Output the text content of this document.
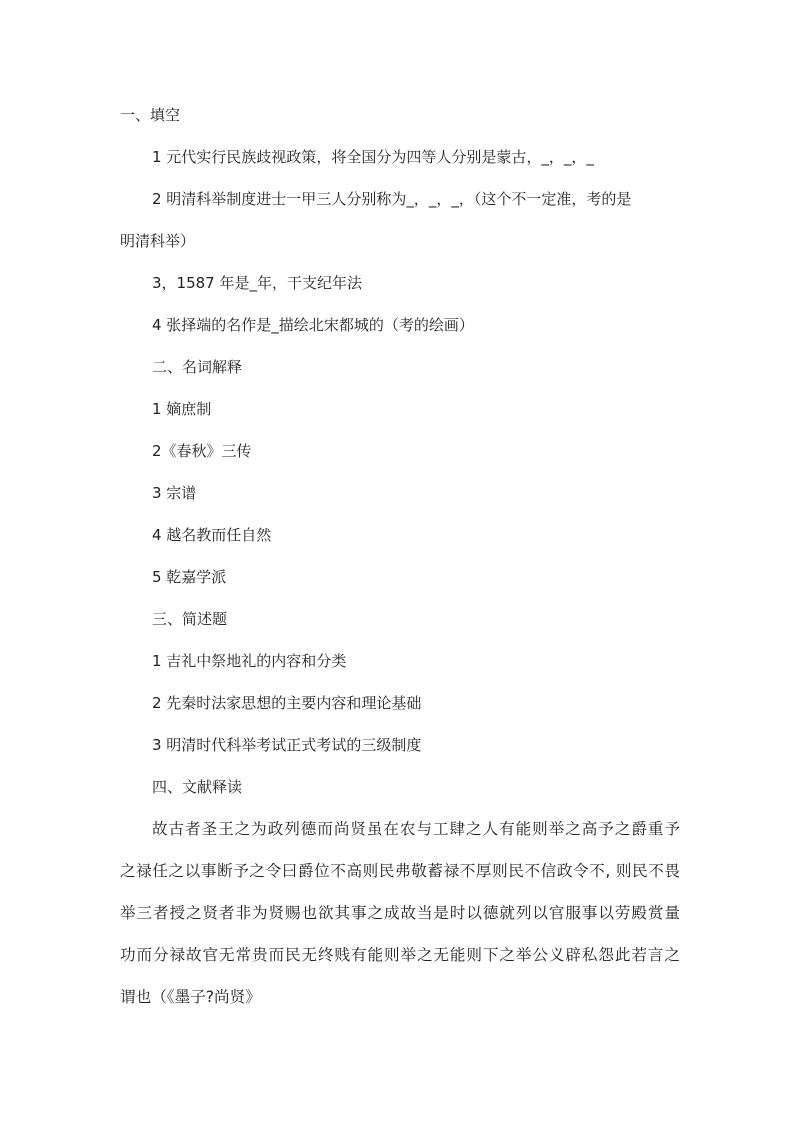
一、填空
1 元代实行民族歧视政策，将全国分为四等人分别是蒙古，_，_，_
2 明清科举制度进士一甲三人分别称为_，_，_，（这个不一定准，考的是
明清科举）
3，1587 年是_年，干支纪年法
4 张择端的名作是_描绘北宋都城的（考的绘画）
二、名词解释
1 嫡庶制
2《春秋》三传
3 宗谱
4 越名教而任自然
5 乾嘉学派
三、简述题
1 吉礼中祭地礼的内容和分类
2 先秦时法家思想的主要内容和理论基础
3 明清时代科举考试正式考试的三级制度
四、文献释读
故古者圣王之为政列德而尚贤虽在农与工肆之人有能则举之高予之爵重予
之禄任之以事断予之令曰爵位不高则民弗敬蓄禄不厚则民不信政令不, 则民不畏
举三者授之贤者非为贤赐也欲其事之成故当是时以德就列以官服事以劳殿赏量
功而分禄故官无常贵而民无终贱有能则举之无能则下之举公义辟私怨此若言之
谓也（《墨子?尚贤》
